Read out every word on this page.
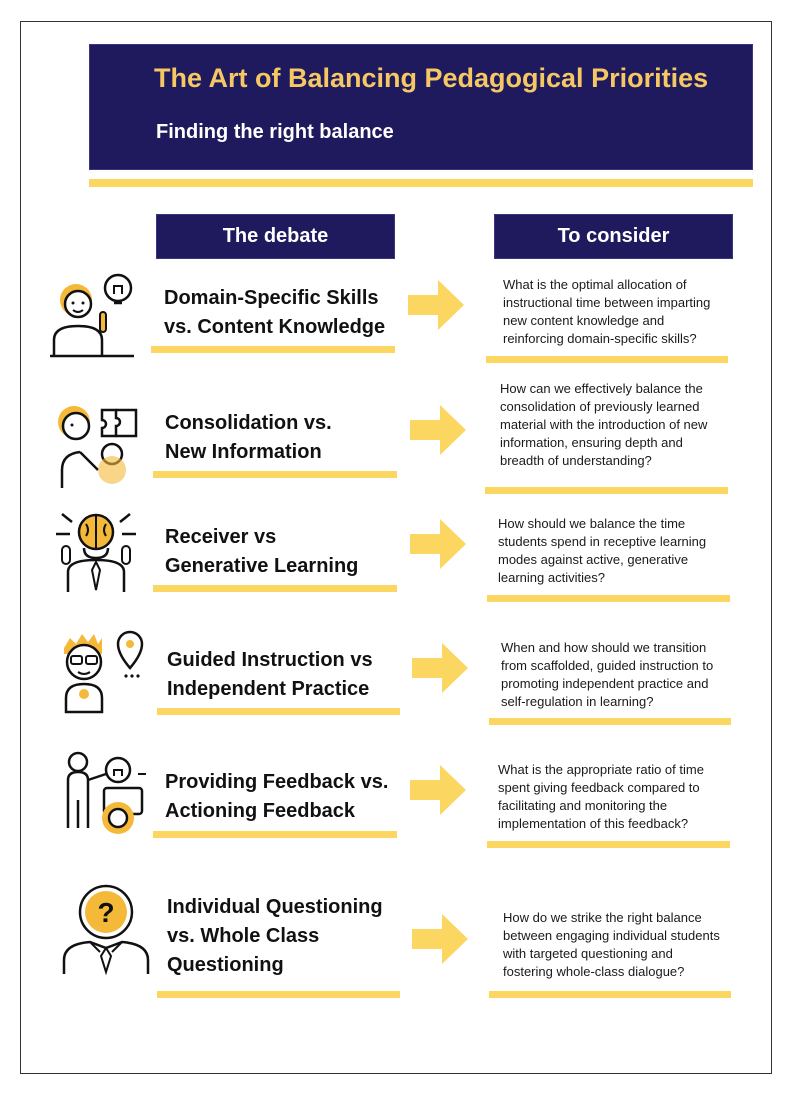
The Art of Balancing Pedagogical Priorities
Finding the right balance
The debate	To consider
Domain-Specific Skills
vs. Content Knowledge
What is the optimal allocation of
instructional time between imparting
new content knowledge and
reinforcing domain-specific skills?
Consolidation vs.
New Information
How can we effectively balance the
consolidation of previously learned
material with the introduction of new
information, ensuring depth and
breadth of understanding?
Receiver vs
Generative Learning
How should we balance the time
students spend in receptive learning
modes against active, generative
learning activities?
Guided Instruction vs
Independent Practice
When and how should we transition
from scaffolded, guided instruction to
promoting independent practice and
self-regulation in learning?
Providing Feedback vs.
Actioning Feedback
What is the appropriate ratio of time
spent giving feedback compared to
facilitating and monitoring the
implementation of this feedback?
?	Individual Questioning
vs. Whole Class
Questioning
How do we strike the right balance
between engaging individual students
with targeted questioning and
fostering whole-class dialogue?
